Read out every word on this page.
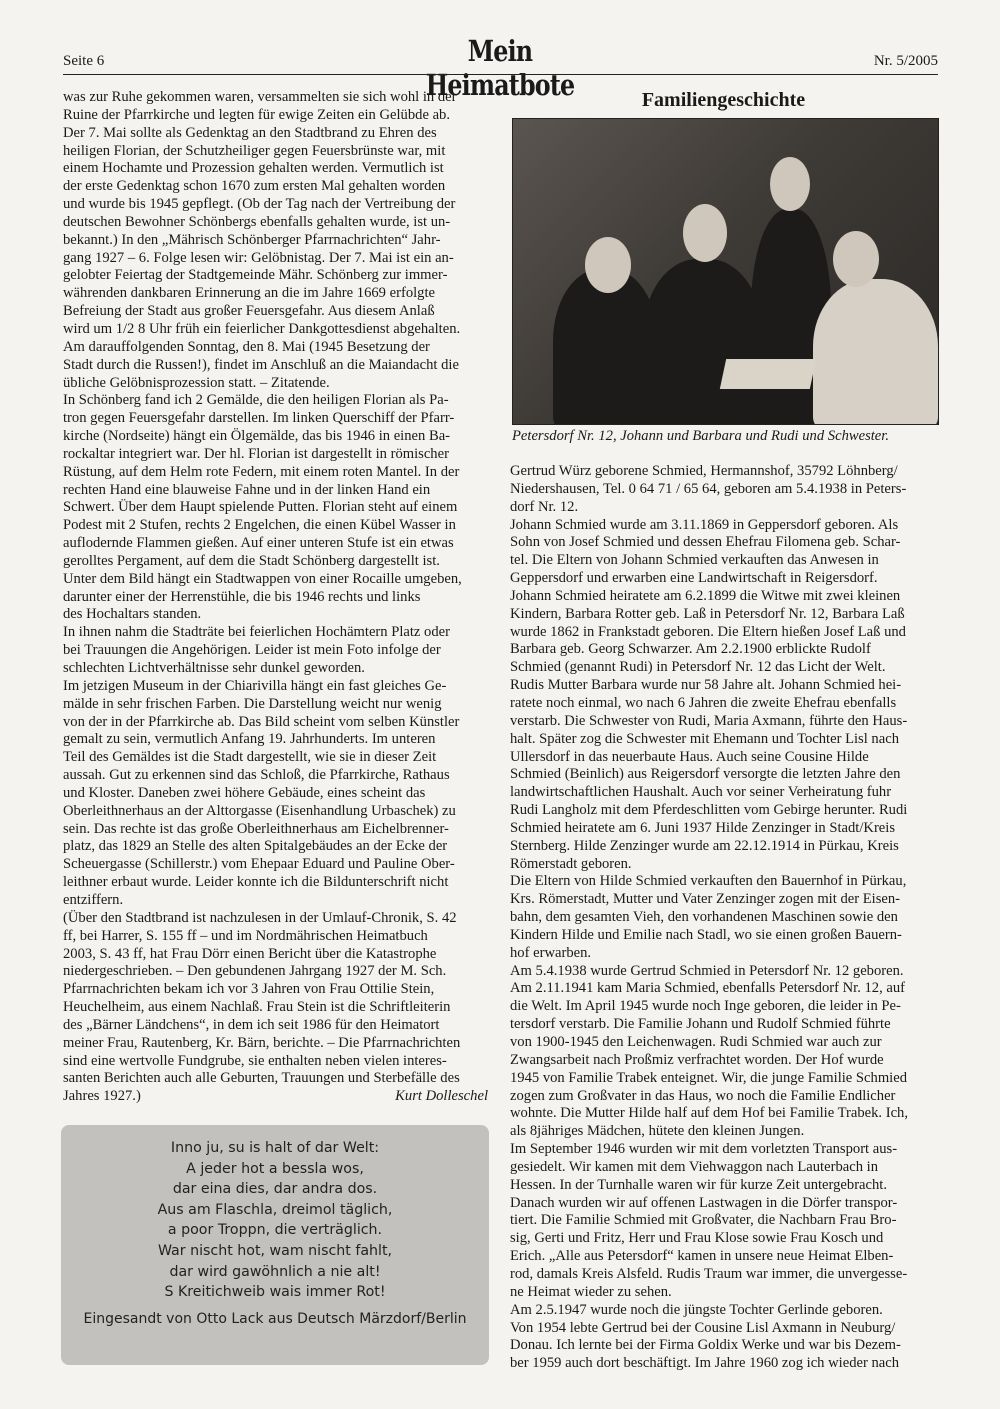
Seite 6	Mein Heimatbote
Nr. 5/2005

was zur Ruhe gekommen waren, versammelten sie sich wohl in der

Ruine der Pfarrkirche und legten für ewige Zeiten ein Gelübde ab.

Der 7. Mai sollte als Gedenktag an den Stadtbrand zu Ehren des

heiligen Florian, der Schutzheiliger gegen Feuersbrünste war, mit

einem Hochamte und Prozession gehalten werden. Vermutlich ist

der erste Gedenktag schon 1670 zum ersten Mal gehalten worden

und wurde bis 1945 gepflegt. (Ob der Tag nach der Vertreibung der

deutschen Bewohner Schönbergs ebenfalls gehalten wurde, ist un-

bekannt.) In den „Mährisch Schönberger Pfarrnachrichten“ Jahr-

gang 1927 – 6. Folge lesen wir: Gelöbnistag. Der 7. Mai ist ein an-

gelobter Feiertag der Stadtgemeinde Mähr. Schönberg zur immer-

währenden dankbaren Erinnerung an die im Jahre 1669 erfolgte

Befreiung der Stadt aus großer Feuersgefahr. Aus diesem Anlaß

wird um 1/2 8 Uhr früh ein feierlicher Dankgottesdienst abgehalten.

Am darauffolgenden Sonntag, den 8. Mai (1945 Besetzung der

Stadt durch die Russen!), findet im Anschluß an die Maiandacht die

übliche Gelöbnisprozession statt. – Zitatende.

In Schönberg fand ich 2 Gemälde, die den heiligen Florian als Pa-

tron gegen Feuersgefahr darstellen. Im linken Querschiff der Pfarr-

kirche (Nordseite) hängt ein Ölgemälde, das bis 1946 in einen Ba-

rockaltar integriert war. Der hl. Florian ist dargestellt in römischer

Rüstung, auf dem Helm rote Federn, mit einem roten Mantel. In der

rechten Hand eine blauweise Fahne und in der linken Hand ein

Schwert. Über dem Haupt spielende Putten. Florian steht auf einem

Podest mit 2 Stufen, rechts 2 Engelchen, die einen Kübel Wasser in

auflodernde Flammen gießen. Auf einer unteren Stufe ist ein etwas

gerolltes Pergament, auf dem die Stadt Schönberg dargestellt ist.

Unter dem Bild hängt ein Stadtwappen von einer Rocaille umgeben,

darunter einer der Herrenstühle, die bis 1946 rechts und links

des Hochaltars standen.

In ihnen nahm die Stadträte bei feierlichen Hochämtern Platz oder

bei Trauungen die Angehörigen. Leider ist mein Foto infolge der

schlechten Lichtverhältnisse sehr dunkel geworden.

Im jetzigen Museum in der Chiarivilla hängt ein fast gleiches Ge-

mälde in sehr frischen Farben. Die Darstellung weicht nur wenig

von der in der Pfarrkirche ab. Das Bild scheint vom selben Künstler

gemalt zu sein, vermutlich Anfang 19. Jahrhunderts. Im unteren

Teil des Gemäldes ist die Stadt dargestellt, wie sie in dieser Zeit

aussah. Gut zu erkennen sind das Schloß, die Pfarrkirche, Rathaus

und Kloster. Daneben zwei höhere Gebäude, eines scheint das

Oberleithnerhaus an der Alttorgasse (Eisenhandlung Urbaschek) zu

sein. Das rechte ist das große Oberleithnerhaus am Eichelbrenner-

platz, das 1829 an Stelle des alten Spitalgebäudes an der Ecke der

Scheuergasse (Schillerstr.) vom Ehepaar Eduard und Pauline Ober-

leithner erbaut wurde. Leider konnte ich die Bildunterschrift nicht

entziffern.

(Über den Stadtbrand ist nachzulesen in der Umlauf-Chronik, S. 42

ff, bei Harrer, S. 155 ff – und im Nordmährischen Heimatbuch

2003, S. 43 ff, hat Frau Dörr einen Bericht über die Katastrophe

niedergeschrieben. – Den gebundenen Jahrgang 1927 der M. Sch.

Pfarrnachrichten bekam ich vor 3 Jahren von Frau Ottilie Stein,

Heuchelheim, aus einem Nachlaß. Frau Stein ist die Schriftleiterin

des „Bärner Ländchens“, in dem ich seit 1986 für den Heimatort

meiner Frau, Rautenberg, Kr. Bärn, berichte. – Die Pfarrnachrichten

sind eine wertvolle Fundgrube, sie enthalten neben vielen interes-

santen Berichten auch alle Geburten, Trauungen und Sterbefälle des

Jahres 1927.)	Kurt Dolleschel

Inno ju, su is halt of dar Welt:
A jeder hot a bessla wos,
dar eina dies, dar andra dos.
Aus am Flaschla, dreimol täglich,
a poor Troppn, die verträglich.
War nischt hot, wam nischt fahlt,
dar wird gawöhnlich a nie alt!
S Kreitichweib wais immer Rot!
Eingesandt von Otto Lack aus Deutsch Märzdorf/Berlin
Familiengeschichte
Petersdorf Nr. 12, Johann und Barbara und Rudi und Schwester.

Gertrud Würz geborene Schmied, Hermannshof, 35792 Löhnberg/

Niedershausen, Tel. 0 64 71 / 65 64, geboren am 5.4.1938 in Peters-

dorf Nr. 12.

Johann Schmied wurde am 3.11.1869 in Geppersdorf geboren. Als

Sohn von Josef Schmied und dessen Ehefrau Filomena geb. Schar-

tel. Die Eltern von Johann Schmied verkauften das Anwesen in

Geppersdorf und erwarben eine Landwirtschaft in Reigersdorf.

Johann Schmied heiratete am 6.2.1899 die Witwe mit zwei kleinen

Kindern, Barbara Rotter geb. Laß in Petersdorf Nr. 12, Barbara Laß

wurde 1862 in Frankstadt geboren. Die Eltern hießen Josef Laß und

Barbara geb. Georg Schwarzer. Am 2.2.1900 erblickte Rudolf

Schmied (genannt Rudi) in Petersdorf Nr. 12 das Licht der Welt.

Rudis Mutter Barbara wurde nur 58 Jahre alt. Johann Schmied hei-

ratete noch einmal, wo nach 6 Jahren die zweite Ehefrau ebenfalls

verstarb. Die Schwester von Rudi, Maria Axmann, führte den Haus-

halt. Später zog die Schwester mit Ehemann und Tochter Lisl nach

Ullersdorf in das neuerbaute Haus. Auch seine Cousine Hilde

Schmied (Beinlich) aus Reigersdorf versorgte die letzten Jahre den

landwirtschaftlichen Haushalt. Auch vor seiner Verheiratung fuhr

Rudi Langholz mit dem Pferdeschlitten vom Gebirge herunter. Rudi

Schmied heiratete am 6. Juni 1937 Hilde Zenzinger in Stadt/Kreis

Sternberg. Hilde Zenzinger wurde am 22.12.1914 in Pürkau, Kreis

Römerstadt geboren.

Die Eltern von Hilde Schmied verkauften den Bauernhof in Pürkau,

Krs. Römerstadt, Mutter und Vater Zenzinger zogen mit der Eisen-

bahn, dem gesamten Vieh, den vorhandenen Maschinen sowie den

Kindern Hilde und Emilie nach Stadl, wo sie einen großen Bauern-

hof erwarben.

Am 5.4.1938 wurde Gertrud Schmied in Petersdorf Nr. 12 geboren.

Am 2.11.1941 kam Maria Schmied, ebenfalls Petersdorf Nr. 12, auf

die Welt. Im April 1945 wurde noch Inge geboren, die leider in Pe-

tersdorf verstarb. Die Familie Johann und Rudolf Schmied führte

von 1900-1945 den Leichenwagen. Rudi Schmied war auch zur

Zwangsarbeit nach Proßmiz verfrachtet worden. Der Hof wurde

1945 von Familie Trabek enteignet. Wir, die junge Familie Schmied

zogen zum Großvater in das Haus, wo noch die Familie Endlicher

wohnte. Die Mutter Hilde half auf dem Hof bei Familie Trabek. Ich,

als 8jähriges Mädchen, hütete den kleinen Jungen.

Im September 1946 wurden wir mit dem vorletzten Transport aus-

gesiedelt. Wir kamen mit dem Viehwaggon nach Lauterbach in

Hessen. In der Turnhalle waren wir für kurze Zeit untergebracht.

Danach wurden wir auf offenen Lastwagen in die Dörfer transpor-

tiert. Die Familie Schmied mit Großvater, die Nachbarn Frau Bro-

sig, Gerti und Fritz, Herr und Frau Klose sowie Frau Kosch und

Erich. „Alle aus Petersdorf“ kamen in unsere neue Heimat Elben-

rod, damals Kreis Alsfeld. Rudis Traum war immer, die unvergesse-

ne Heimat wieder zu sehen.

Am 2.5.1947 wurde noch die jüngste Tochter Gerlinde geboren.

Von 1954 lebte Gertrud bei der Cousine Lisl Axmann in Neuburg/

Donau. Ich lernte bei der Firma Goldix Werke und war bis Dezem-

ber 1959 auch dort beschäftigt. Im Jahre 1960 zog ich wieder nach
